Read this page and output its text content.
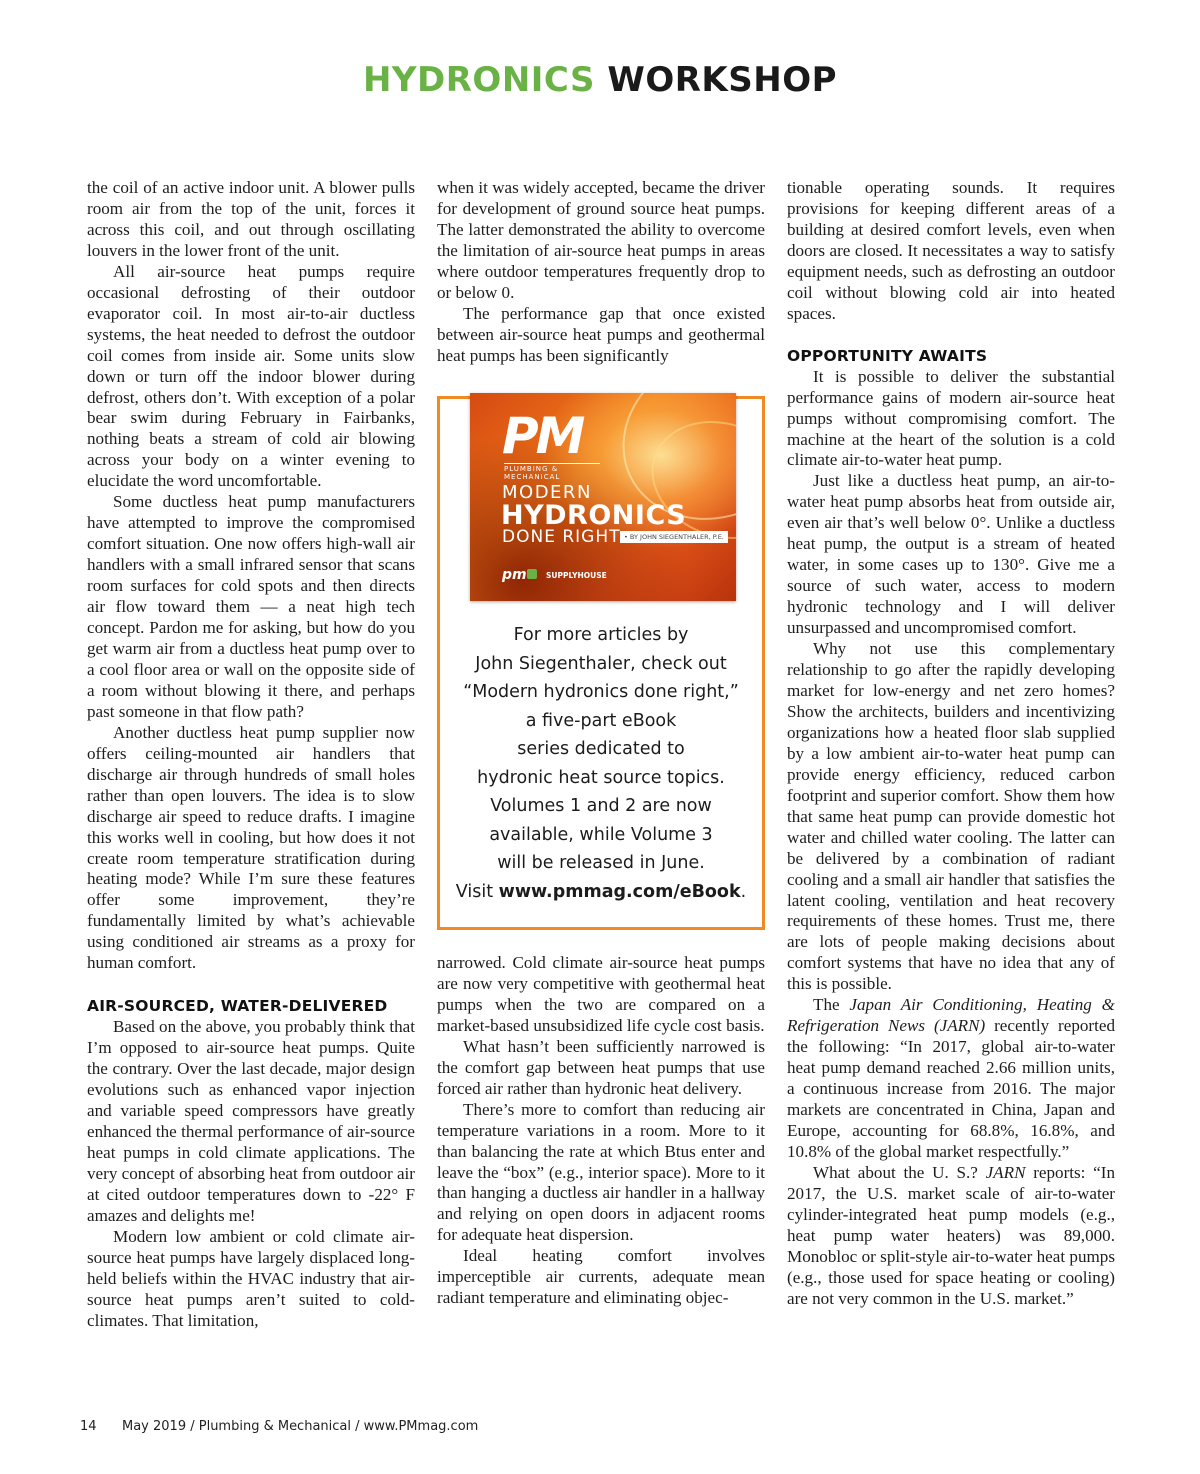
HYDRONICS WORKSHOP

the coil of an active indoor unit. A blower pulls room air from the top of the unit, forces it across this coil, and out through oscillating louvers in the lower front of the unit.

All air-source heat pumps require occasional defrosting of their outdoor evaporator coil. In most air-to-air ductless systems, the heat needed to defrost the outdoor coil comes from inside air. Some units slow down or turn off the indoor blower during defrost, others don’t. With exception of a polar bear swim during February in Fairbanks, nothing beats a stream of cold air blowing across your body on a winter evening to elucidate the word uncomfortable.

Some ductless heat pump manufacturers have attempted to improve the compromised comfort situation. One now offers high-wall air handlers with a small infrared sensor that scans room surfaces for cold spots and then directs air flow toward them — a neat high tech concept. Pardon me for asking, but how do you get warm air from a ductless heat pump over to a cool floor area or wall on the opposite side of a room without blowing it there, and perhaps past someone in that flow path?

Another ductless heat pump supplier now offers ceiling-mounted air handlers that discharge air through hundreds of small holes rather than open louvers. The idea is to slow discharge air speed to reduce drafts. I imagine this works well in cooling, but how does it not create room temperature stratification during heating mode? While I’m sure these features offer some improvement, they’re fundamentally limited by what’s achievable using conditioned air streams as a proxy for human comfort.

AIR-SOURCED, WATER-DELIVERED

Based on the above, you probably think that I’m opposed to air-source heat pumps. Quite the contrary. Over the last decade, major design evolutions such as enhanced vapor injection and variable speed compressors have greatly enhanced the thermal performance of air-source heat pumps in cold climate applications. The very concept of absorbing heat from outdoor air at cited outdoor temperatures down to -22° F amazes and delights me!

Modern low ambient or cold climate air-source heat pumps have largely displaced long-held beliefs within the HVAC industry that air-source heat pumps aren’t suited to cold-climates. That limitation,

when it was widely accepted, became the driver for development of ground source heat pumps. The latter demonstrated the ability to overcome the limitation of air-source heat pumps in areas where outdoor temperatures frequently drop to or below 0.

The performance gap that once existed between air-source heat pumps and geothermal heat pumps has been significantly

PM
PLUMBING & MECHANICAL
MODERN
HYDRONICS
DONE RIGHT • BY JOHN SIEGENTHALER, P.E.
pm	SUPPLYHOUSE
For more articles by
John Siegenthaler, check out
“Modern hydronics done right,”
a five-part eBook
series dedicated to
hydronic heat source topics.
Volumes 1 and 2 are now
available, while Volume 3
will be released in June.
Visit www.pmmag.com/eBook.

narrowed. Cold climate air-source heat pumps are now very competitive with geothermal heat pumps when the two are compared on a market-based unsubsidized life cycle cost basis.

What hasn’t been sufficiently narrowed is the comfort gap between heat pumps that use forced air rather than hydronic heat delivery.

There’s more to comfort than reducing air temperature variations in a room. More to it than balancing the rate at which Btus enter and leave the “box” (e.g., interior space). More to it than hanging a ductless air handler in a hallway and relying on open doors in adjacent rooms for adequate heat dispersion.

Ideal heating comfort involves imperceptible air currents, adequate mean radiant temperature and eliminating objec-

tionable operating sounds. It requires provisions for keeping different areas of a building at desired comfort levels, even when doors are closed. It necessitates a way to satisfy equipment needs, such as defrosting an outdoor coil without blowing cold air into heated spaces.

OPPORTUNITY AWAITS

It is possible to deliver the substantial performance gains of modern air-source heat pumps without compromising comfort. The machine at the heart of the solution is a cold climate air-to-water heat pump.

Just like a ductless heat pump, an air-to-water heat pump absorbs heat from outside air, even air that’s well below 0°. Unlike a ductless heat pump, the output is a stream of heated water, in some cases up to 130°. Give me a source of such water, access to modern hydronic technology and I will deliver unsurpassed and uncompromised comfort.

Why not use this complementary relationship to go after the rapidly developing market for low-energy and net zero homes? Show the architects, builders and incentivizing organizations how a heated floor slab supplied by a low ambient air-to-water heat pump can provide energy efficiency, reduced carbon footprint and superior comfort. Show them how that same heat pump can provide domestic hot water and chilled water cooling. The latter can be delivered by a combination of radiant cooling and a small air handler that satisfies the latent cooling, ventilation and heat recovery requirements of these homes. Trust me, there are lots of people making decisions about comfort systems that have no idea that any of this is possible.

The Japan Air Conditioning, Heating & Refrigeration News (JARN) recently reported the following: “In 2017, global air-to-water heat pump demand reached 2.66 million units, a continuous increase from 2016. The major markets are concentrated in China, Japan and Europe, accounting for 68.8%, 16.8%, and 10.8% of the global market respectfully.”

What about the U. S.? JARN reports: “In 2017, the U.S. market scale of air-to-water cylinder-integrated heat pump models (e.g., heat pump water heaters) was 89,000. Monobloc or split-style air-to-water heat pumps (e.g., those used for space heating or cooling) are not very common in the U.S. market.”

14 May 2019 / Plumbing & Mechanical / www.PMmag.com
